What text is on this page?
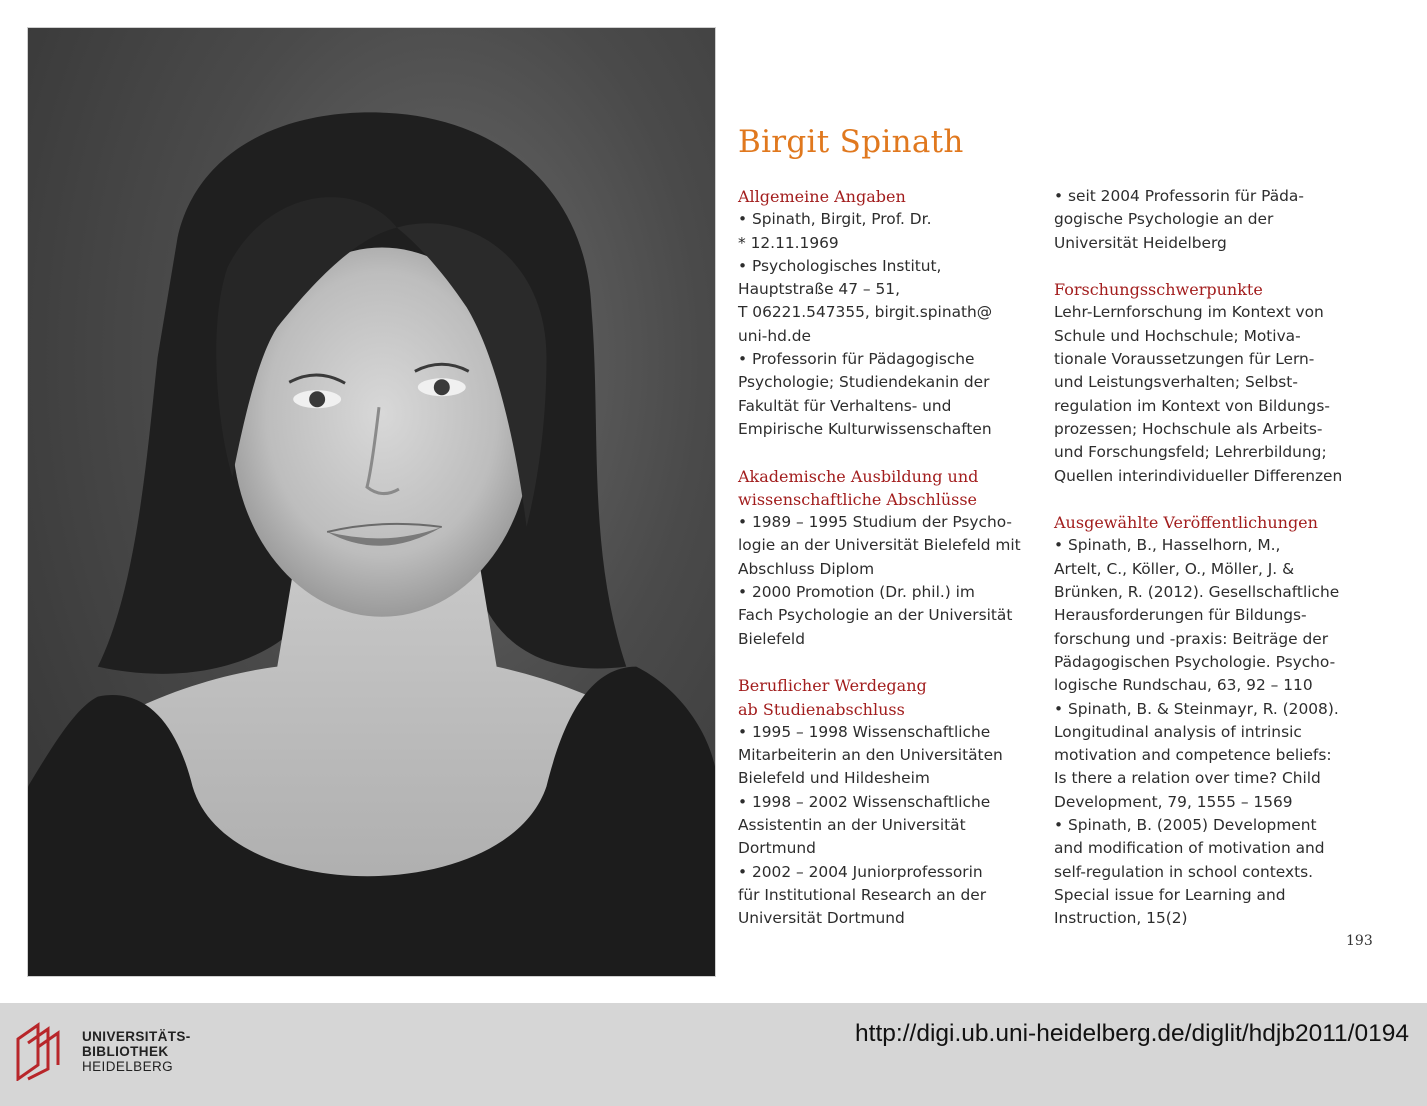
Birgit Spinath
Allgemeine Angaben
• Spinath, Birgit, Prof. Dr.
* 12.11.1969
• Psychologisches Institut,
Hauptstraße 47 – 51,
T 06221.547355, birgit.spinath@
uni-hd.de
• Professorin für Pädagogische
Psychologie; Studiendekanin der
Fakultät für Verhaltens- und
Empirische Kulturwissenschaften
Akademische Ausbildung und
wissenschaftliche Abschlüsse
• 1989 – 1995 Studium der Psycho-
logie an der Universität Bielefeld mit
Abschluss Diplom
• 2000 Promotion (Dr. phil.) im
Fach Psychologie an der Universität
Bielefeld
Beruflicher Werdegang
ab Studienabschluss
• 1995 – 1998 Wissenschaftliche
Mitarbeiterin an den Universitäten
Bielefeld und Hildesheim
• 1998 – 2002 Wissenschaftliche
Assistentin an der Universität
Dortmund
• 2002 – 2004 Juniorprofessorin
für Institutional Research an der
Universität Dortmund
• seit 2004 Professorin für Päda-
gogische Psychologie an der
Universität Heidelberg
Forschungsschwerpunkte
Lehr-Lernforschung im Kontext von
Schule und Hochschule; Motiva-
tionale Voraussetzungen für Lern-
und Leistungsverhalten; Selbst-
regulation im Kontext von Bildungs-
prozessen; Hochschule als Arbeits-
und Forschungsfeld; Lehrerbildung;
Quellen interindividueller Differenzen
Ausgewählte Veröffentlichungen
• Spinath, B., Hasselhorn, M.,
Artelt, C., Köller, O., Möller, J. &
Brünken, R. (2012). Gesellschaftliche
Herausforderungen für Bildungs-
forschung und -praxis: Beiträge der
Pädagogischen Psychologie. Psycho-
logische Rundschau, 63, 92 – 110
• Spinath, B. & Steinmayr, R. (2008).
Longitudinal analysis of intrinsic
motivation and competence beliefs:
Is there a relation over time? Child
Development, 79, 1555 – 1569
• Spinath, B. (2005) Development
and modification of motivation and
self-regulation in school contexts.
Special issue for Learning and
Instruction, 15(2)
193
UNIVERSITÄTS-
BIBLIOTHEK
HEIDELBERG
http://digi.ub.uni-heidelberg.de/diglit/hdjb2011/0194
